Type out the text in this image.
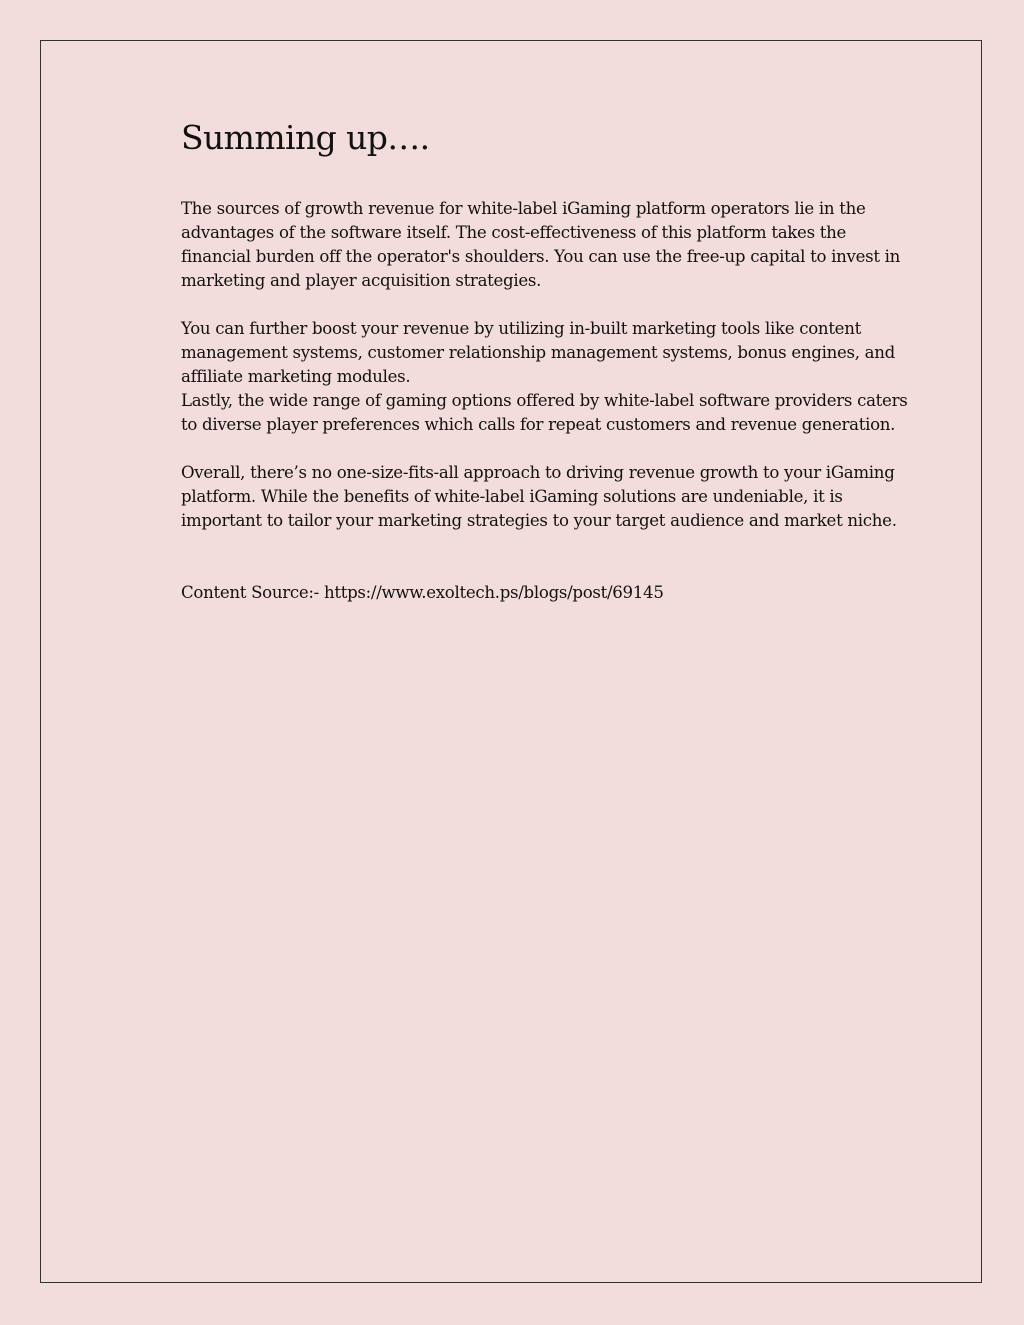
Summing up….

The sources of growth revenue for white-label iGaming platform operators lie in the advantages of the software itself. The cost-effectiveness of this platform takes the financial burden off the operator's shoulders. You can use the free-up capital to invest in marketing and player acquisition strategies.

You can further boost your revenue by utilizing in-built marketing tools like content management systems, customer relationship management systems, bonus engines, and affiliate marketing modules.

Lastly, the wide range of gaming options offered by white-label software providers caters to diverse player preferences which calls for repeat customers and revenue generation.

Overall, there’s no one-size-fits-all approach to driving revenue growth to your iGaming platform. While the benefits of white-label iGaming solutions are undeniable, it is important to tailor your marketing strategies to your target audience and market niche.

Content Source:- https://www.exoltech.ps/blogs/post/69145
